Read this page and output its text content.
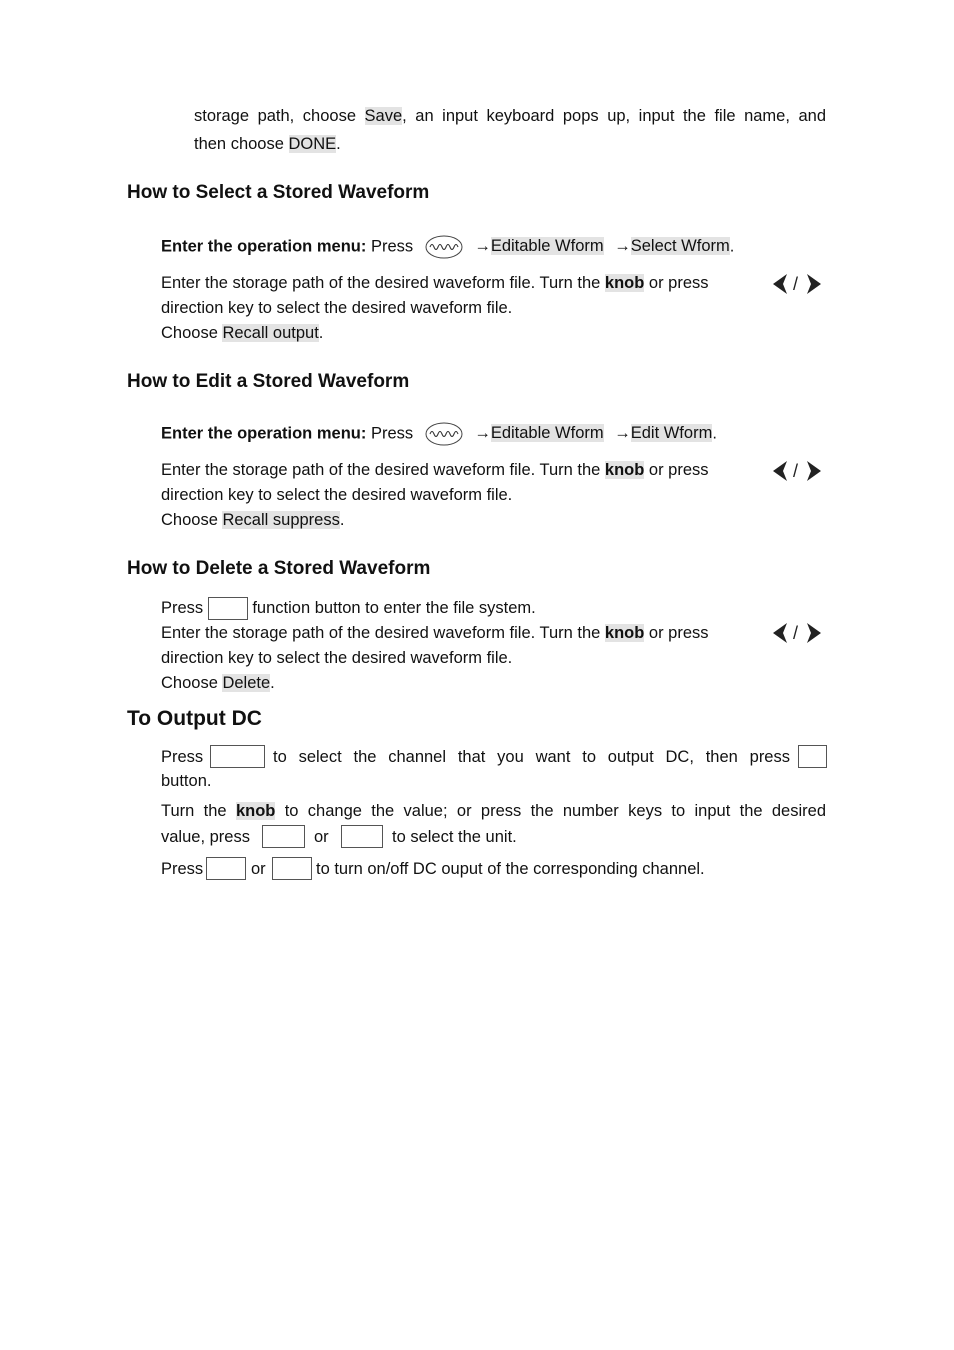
storage path, choose Save, an input keyboard pops up, input the file name, and
then choose DONE.
How to Select a Stored Waveform
Enter the operation menu: Press	→Editable Wform →Select Wform.
Enter the storage path of the desired waveform file. Turn the knob or press	/
direction key to select the desired waveform file.
Choose Recall output.
How to Edit a Stored Waveform
Enter the operation menu: Press	→Editable Wform →Edit Wform.
Enter the storage path of the desired waveform file. Turn the knob or press	/
direction key to select the desired waveform file.
Choose Recall suppress.
How to Delete a Stored Waveform
Press  function button to enter the file system.
Enter the storage path of the desired waveform file. Turn the knob or press	/
direction key to select the desired waveform file.
Choose Delete.
To Output DC
Press	to select the channel that you want to output DC, then press
button.
Turn the knob to change the value; or press the number keys to input the desired
value, press	or	to select the unit.
Press	or	to turn on/off DC ouput of the corresponding channel.
